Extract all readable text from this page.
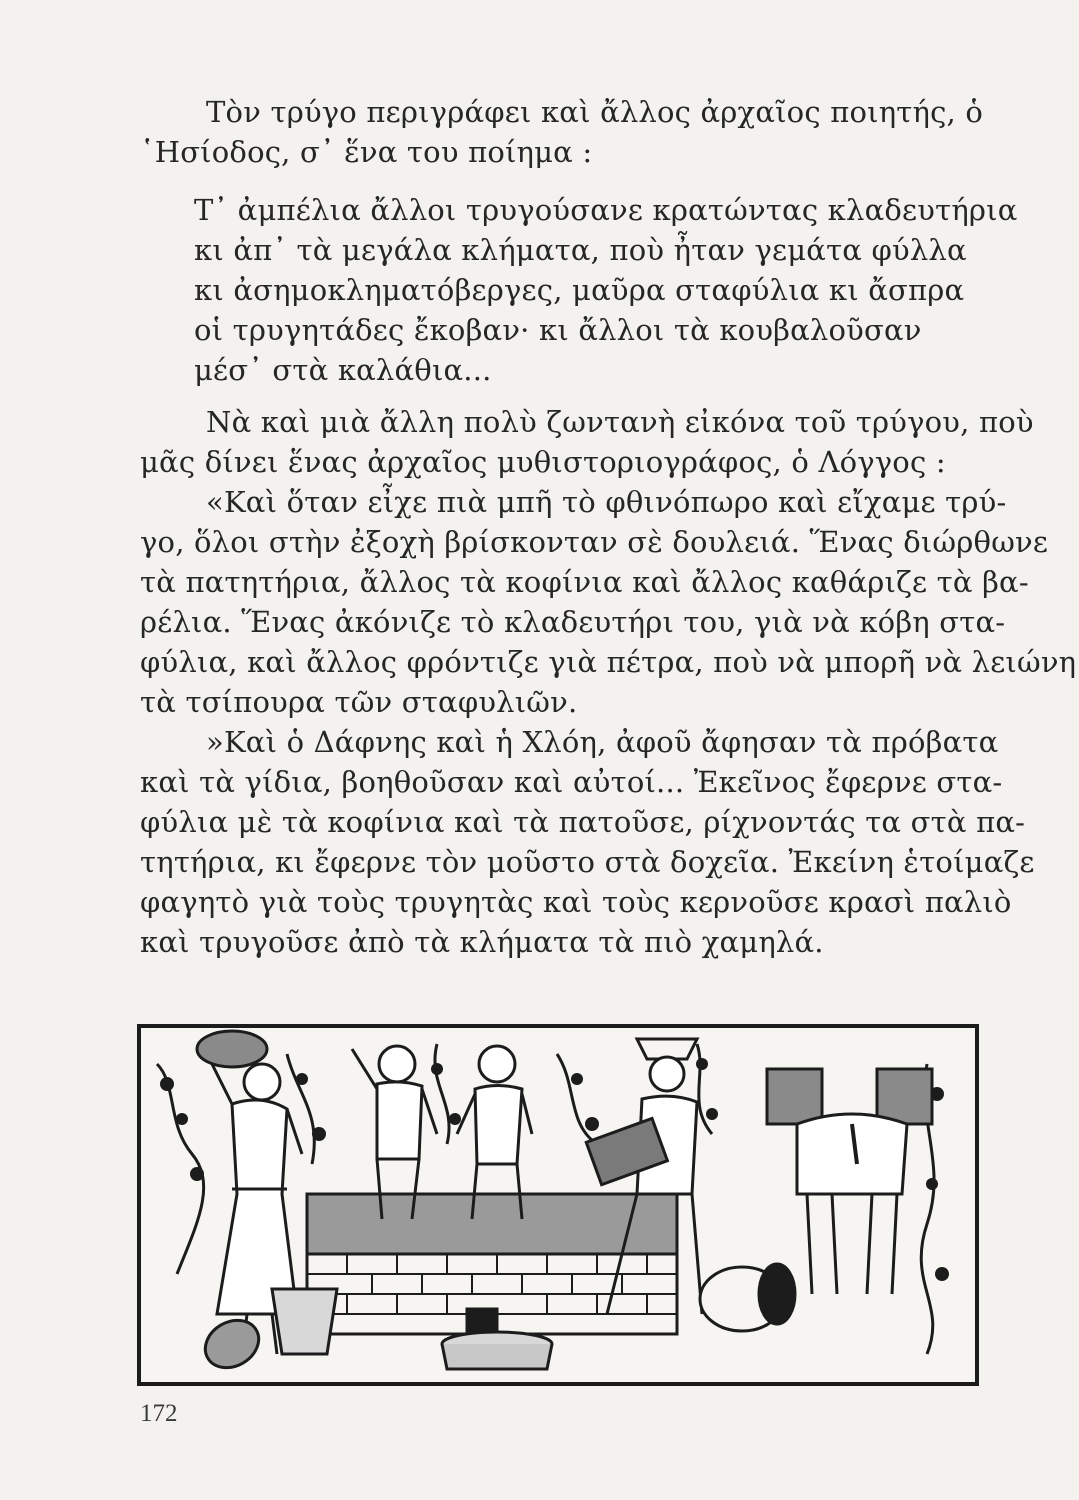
Τὸν τρύγο περιγράφει καὶ ἄλλος ἀρχαῖος ποιητής, ὁ
῾Ησίοδος, σ᾿ ἕνα του ποίημα :
Τ᾿ ἀμπέλια ἄλλοι τρυγούσανε κρατώντας κλαδευτήρια
κι ἀπ᾿ τὰ μεγάλα κλήματα, ποὺ ἦταν γεμάτα φύλλα
κι ἀσημοκληματόβεργες, μαῦρα σταφύλια κι ἄσπρα
οἱ τρυγητάδες ἔκοβαν· κι ἄλλοι τὰ κουβαλοῦσαν
μέσ᾿ στὰ καλάθια...
Νὰ καὶ μιὰ ἄλλη πολὺ ζωντανὴ εἰκόνα τοῦ τρύγου, ποὺ
μᾶς δίνει ἕνας ἀρχαῖος μυθιστοριογράφος, ὁ Λόγγος :
«Καὶ ὅταν εἶχε πιὰ μπῆ τὸ φθινόπωρο καὶ εἴχαμε τρύ-
γο, ὅλοι στὴν ἐξοχὴ βρίσκονταν σὲ δουλειά. Ἕνας διώρθωνε
τὰ πατητήρια, ἄλλος τὰ κοφίνια καὶ ἄλλος καθάριζε τὰ βα-
ρέλια. Ἕνας ἀκόνιζε τὸ κλαδευτήρι του, γιὰ νὰ κόβη στα-
φύλια, καὶ ἄλλος φρόντιζε γιὰ πέτρα, ποὺ νὰ μπορῆ νὰ λειώνη
τὰ τσίπουρα τῶν σταφυλιῶν.
»Καὶ ὁ Δάφνης καὶ ἡ Χλόη, ἀφοῦ ἄφησαν τὰ πρόβατα
καὶ τὰ γίδια, βοηθοῦσαν καὶ αὐτοί... Ἐκεῖνος ἔφερνε στα-
φύλια μὲ τὰ κοφίνια καὶ τὰ πατοῦσε, ρίχνοντάς τα στὰ πα-
τητήρια, κι ἔφερνε τὸν μοῦστο στὰ δοχεῖα. Ἐκείνη ἑτοίμαζε
φαγητὸ γιὰ τοὺς τρυγητὰς καὶ τοὺς κερνοῦσε κρασὶ παλιὸ
καὶ τρυγοῦσε ἀπὸ τὰ κλήματα τὰ πιὸ χαμηλά.
172
